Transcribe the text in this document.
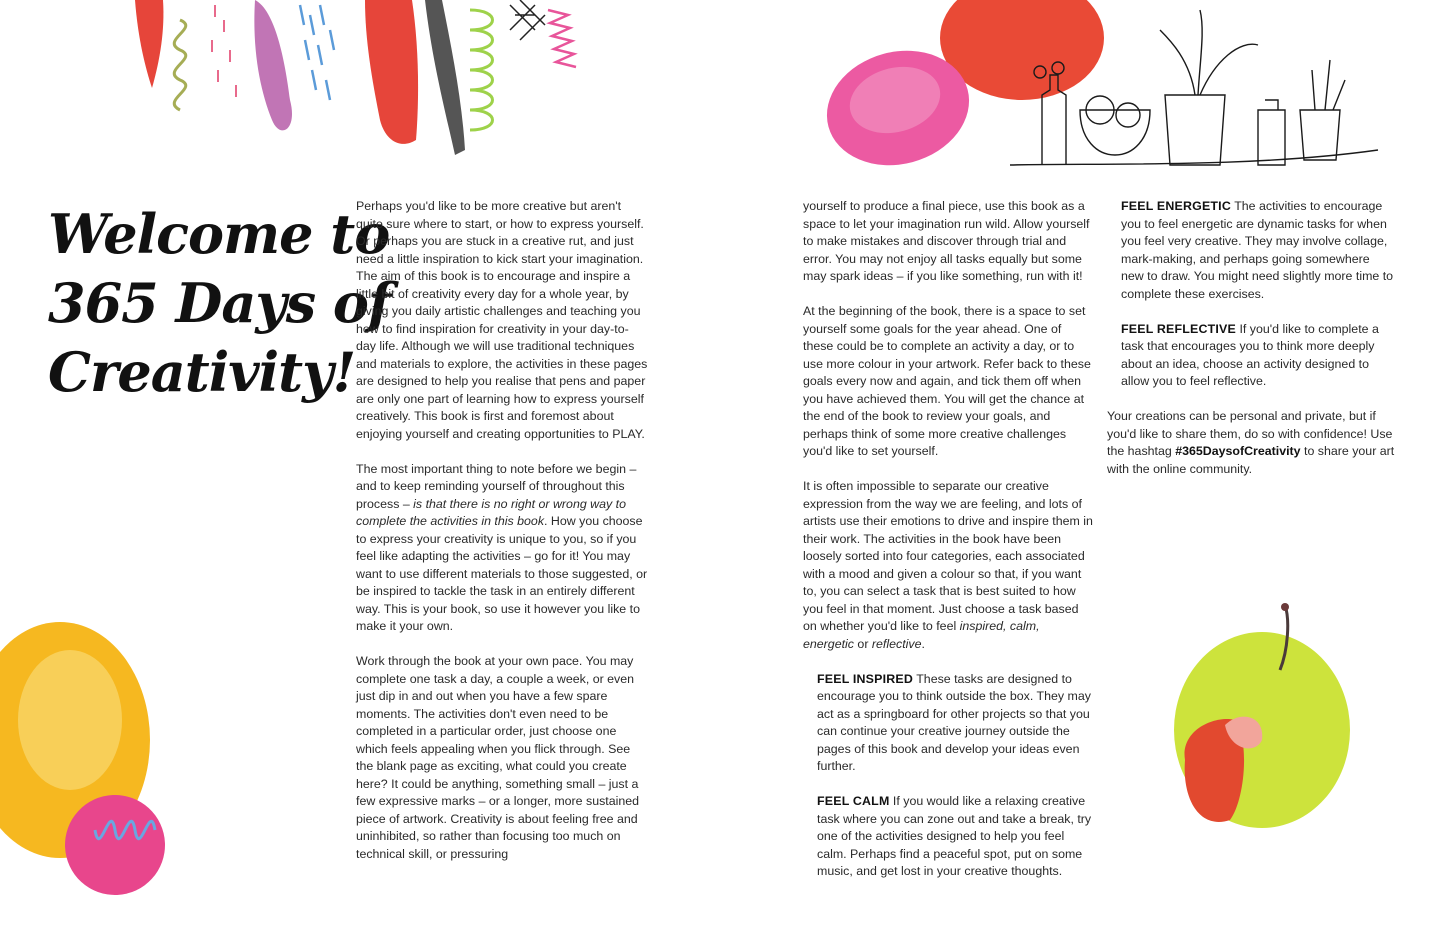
Welcome to
365 Days of
Creativity!

Perhaps you'd like to be more creative but aren't quite sure where to start, or how to express yourself. Or perhaps you are stuck in a creative rut, and just need a little inspiration to kick start your imagination. The aim of this book is to encourage and inspire a little bit of creativity every day for a whole year, by giving you daily artistic challenges and teaching you how to find inspiration for creativity in your day-to-day life. Although we will use traditional techniques and materials to explore, the activities in these pages are designed to help you realise that pens and paper are only one part of learning how to express yourself creatively. This book is first and foremost about enjoying yourself and creating opportunities to PLAY.

The most important thing to note before we begin – and to keep reminding yourself of throughout this process – is that there is no right or wrong way to complete the activities in this book. How you choose to express your creativity is unique to you, so if you feel like adapting the activities – go for it! You may want to use different materials to those suggested, or be inspired to tackle the task in an entirely different way. This is your book, so use it however you like to make it your own.

Work through the book at your own pace. You may complete one task a day, a couple a week, or even just dip in and out when you have a few spare moments. The activities don't even need to be completed in a particular order, just choose one which feels appealing when you flick through. See the blank page as exciting, what could you create here? It could be anything, something small – just a few expressive marks – or a longer, more sustained piece of artwork. Creativity is about feeling free and uninhibited, so rather than focusing too much on technical skill, or pressuring

yourself to produce a final piece, use this book as a space to let your imagination run wild. Allow yourself to make mistakes and discover through trial and error. You may not enjoy all tasks equally but some may spark ideas – if you like something, run with it!

At the beginning of the book, there is a space to set yourself some goals for the year ahead. One of these could be to complete an activity a day, or to use more colour in your artwork. Refer back to these goals every now and again, and tick them off when you have achieved them. You will get the chance at the end of the book to review your goals, and perhaps think of some more creative challenges you'd like to set yourself.

It is often impossible to separate our creative expression from the way we are feeling, and lots of artists use their emotions to drive and inspire them in their work. The activities in the book have been loosely sorted into four categories, each associated with a mood and given a colour so that, if you want to, you can select a task that is best suited to how you feel in that moment. Just choose a task based on whether you'd like to feel inspired, calm, energetic or reflective.

FEEL INSPIRED These tasks are designed to encourage you to think outside the box. They may act as a springboard for other projects so that you can continue your creative journey outside the pages of this book and develop your ideas even further.

FEEL CALM If you would like a relaxing creative task where you can zone out and take a break, try one of the activities designed to help you feel calm. Perhaps find a peaceful spot, put on some music, and get lost in your creative thoughts.

FEEL ENERGETIC The activities to encourage you to feel energetic are dynamic tasks for when you feel very creative. They may involve collage, mark-making, and perhaps going somewhere new to draw. You might need slightly more time to complete these exercises.

FEEL REFLECTIVE If you'd like to complete a task that encourages you to think more deeply about an idea, choose an activity designed to allow you to feel reflective.

Your creations can be personal and private, but if you'd like to share them, do so with confidence! Use the hashtag #365DaysofCreativity to share your art with the online community.
